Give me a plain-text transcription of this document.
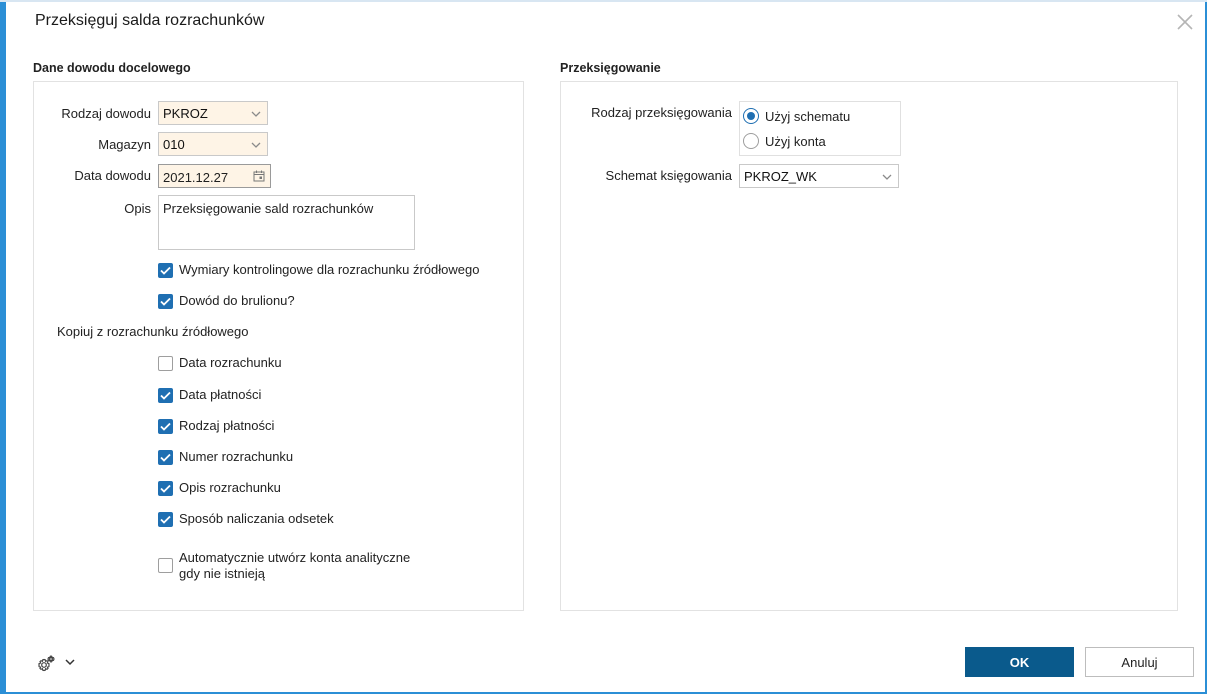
Przeksięguj salda rozrachunków
Dane dowodu docelowego
Rodzaj dowodu PKROZ
Magazyn 010
Data dowodu 2021.12.27
Opis Przeksięgowanie sald rozrachunków
Wymiary kontrolingowe dla rozrachunku źródłowego
Dowód do brulionu?
Kopiuj z rozrachunku źródłowego
Data rozrachunku
Data płatności
Rodzaj płatności
Numer rozrachunku
Opis rozrachunku
Sposób naliczania odsetek
Automatycznie utwórz konta analityczne
gdy nie istnieją
Przeksięgowanie
Rodzaj przeksięgowania	Użyj schematu
Użyj konta
Schemat księgowania PKROZ_WK
OK	Anuluj
